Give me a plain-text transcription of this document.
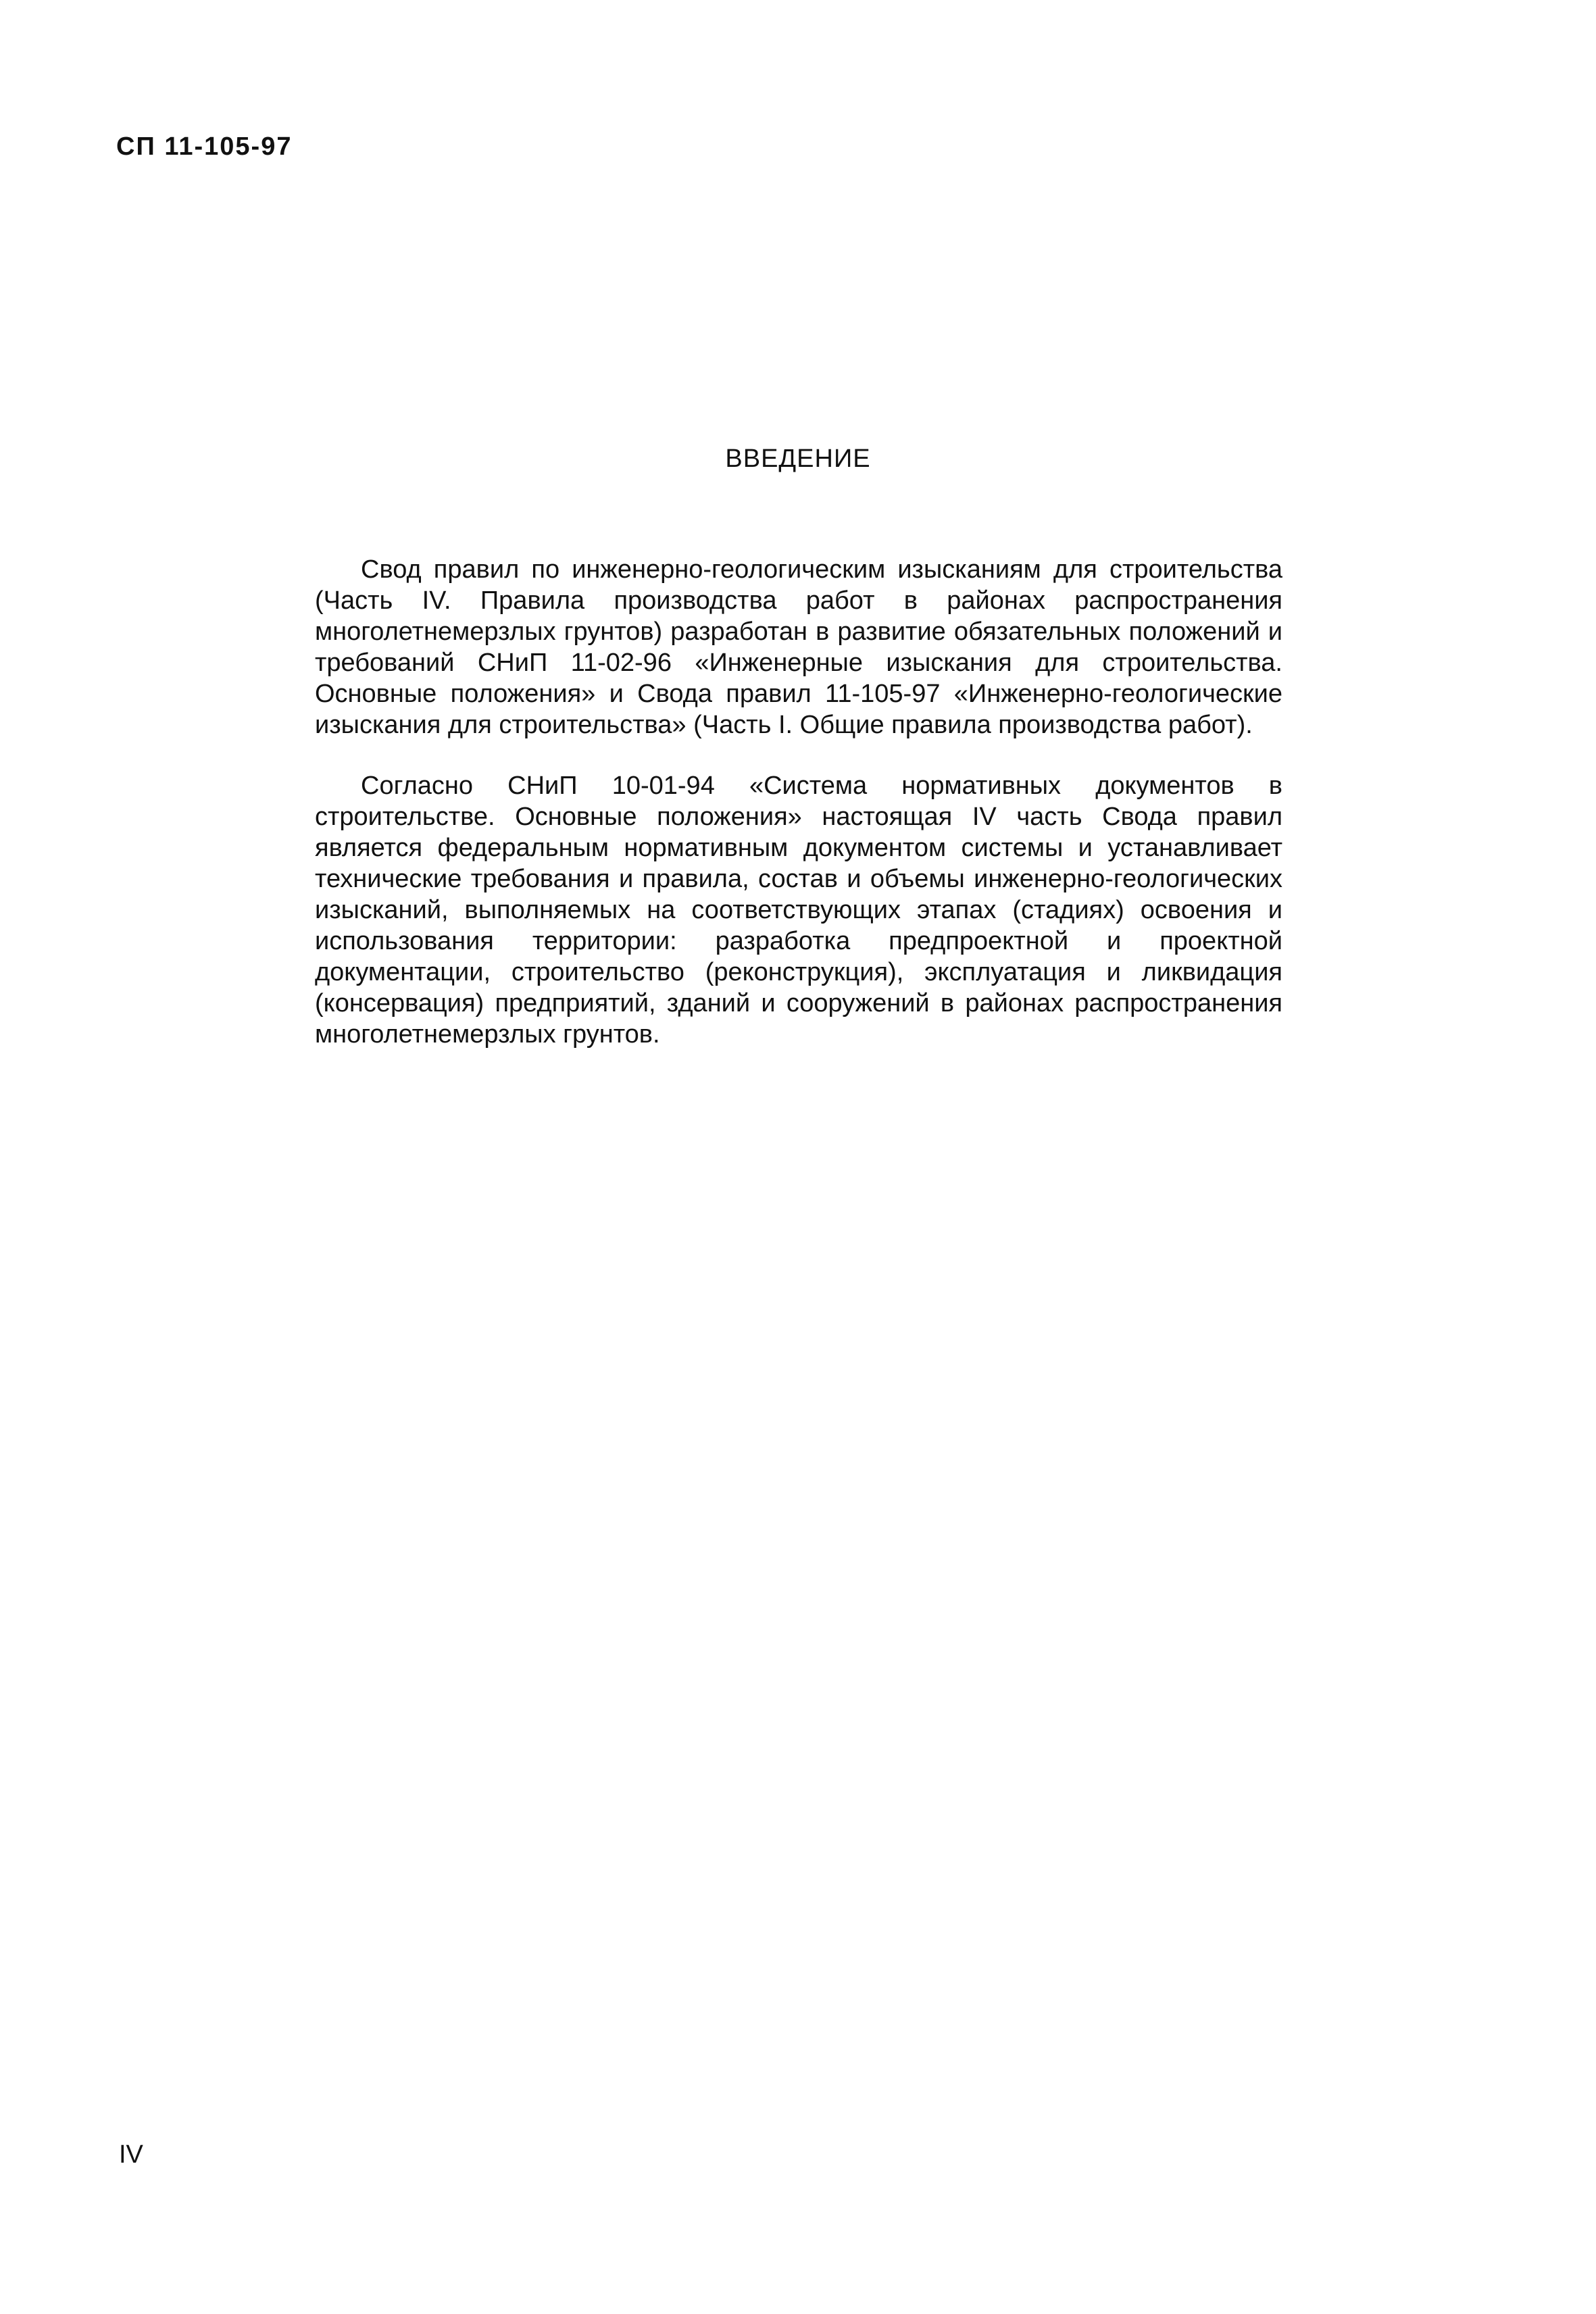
СП 11-105-97

ВВЕДЕНИЕ

Свод правил по инженерно-геологическим изысканиям для строительства (Часть IV. Правила производства работ в районах распространения многолетнемерзлых грунтов) разработан в развитие обязательных положений и требований СНиП 11-02-96 «Инженерные изыскания для строительства. Основные положения» и Свода правил 11-105-97 «Инженерно-геологические изыскания для строительства» (Часть I. Общие правила производства работ).

Согласно СНиП 10-01-94 «Система нормативных документов в строительстве. Основные положения» настоящая IV часть Свода правил является федеральным нормативным документом системы и устанавливает технические требования и правила, состав и объемы инженерно-геологических изысканий, выполняемых на соответствующих этапах (стадиях) освоения и использования территории: разработка предпроектной и проектной документации, строительство (реконструкция), эксплуатация и ликвидация (консервация) предприятий, зданий и сооружений в районах распространения многолетнемерзлых грунтов.

IV
